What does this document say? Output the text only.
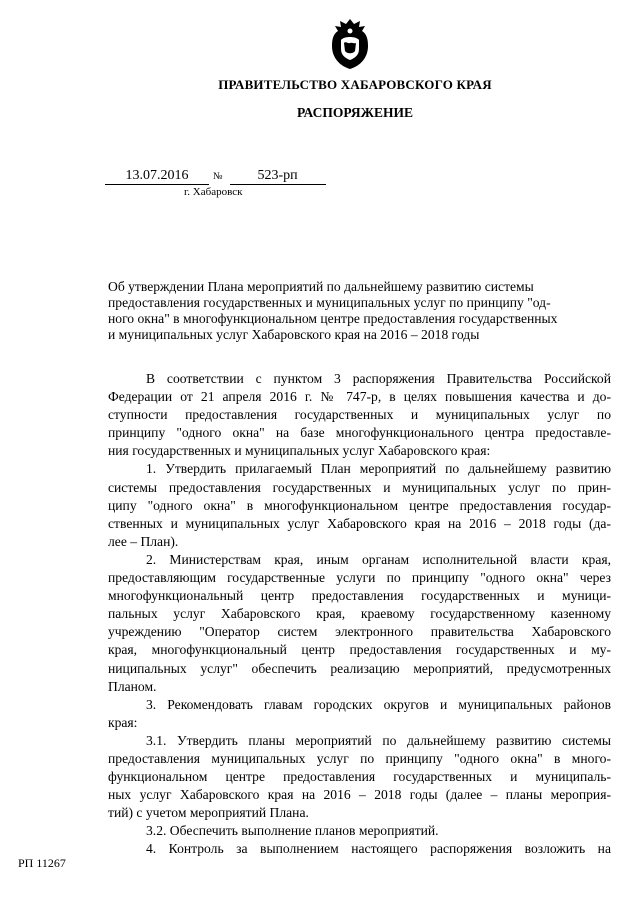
ПРАВИТЕЛЬСТВО ХАБАРОВСКОГО КРАЯ
РАСПОРЯЖЕНИЕ
13.07.2016 № 523-рп
г. Хабаровск
Об утверждении Плана мероприятий по дальнейшему развитию системы
предоставления государственных и муниципальных услуг по принципу "од-
ного окна" в многофункциональном центре предоставления государственных
и муниципальных услуг Хабаровского края на 2016 – 2018 годы
В соответствии с пунктом 3 распоряжения Правительства Российской
Федерации от 21 апреля 2016 г. № 747-р, в целях повышения качества и до-
ступности предоставления государственных и муниципальных услуг по
принципу "одного окна" на базе многофункционального центра предоставле-
ния государственных и муниципальных услуг Хабаровского края:
1. Утвердить прилагаемый План мероприятий по дальнейшему развитию
системы предоставления государственных и муниципальных услуг по прин-
ципу "одного окна" в многофункциональном центре предоставления государ-
ственных и муниципальных услуг Хабаровского края на 2016 – 2018 годы (да-
лее – План).
2. Министерствам края, иным органам исполнительной власти края,
предоставляющим государственные услуги по принципу "одного окна" через
многофункциональный центр предоставления государственных и муници-
пальных услуг Хабаровского края, краевому государственному казенному
учреждению "Оператор систем электронного правительства Хабаровского
края, многофункциональный центр предоставления государственных и му-
ниципальных услуг" обеспечить реализацию мероприятий, предусмотренных
Планом.
3. Рекомендовать главам городских округов и муниципальных районов
края:
3.1. Утвердить планы мероприятий по дальнейшему развитию системы
предоставления муниципальных услуг по принципу "одного окна" в много-
функциональном центре предоставления государственных и муниципаль-
ных услуг Хабаровского края на 2016 – 2018 годы (далее – планы мероприя-
тий) с учетом мероприятий Плана.
3.2. Обеспечить выполнение планов мероприятий.
4. Контроль за выполнением настоящего распоряжения возложить на
РП 11267
